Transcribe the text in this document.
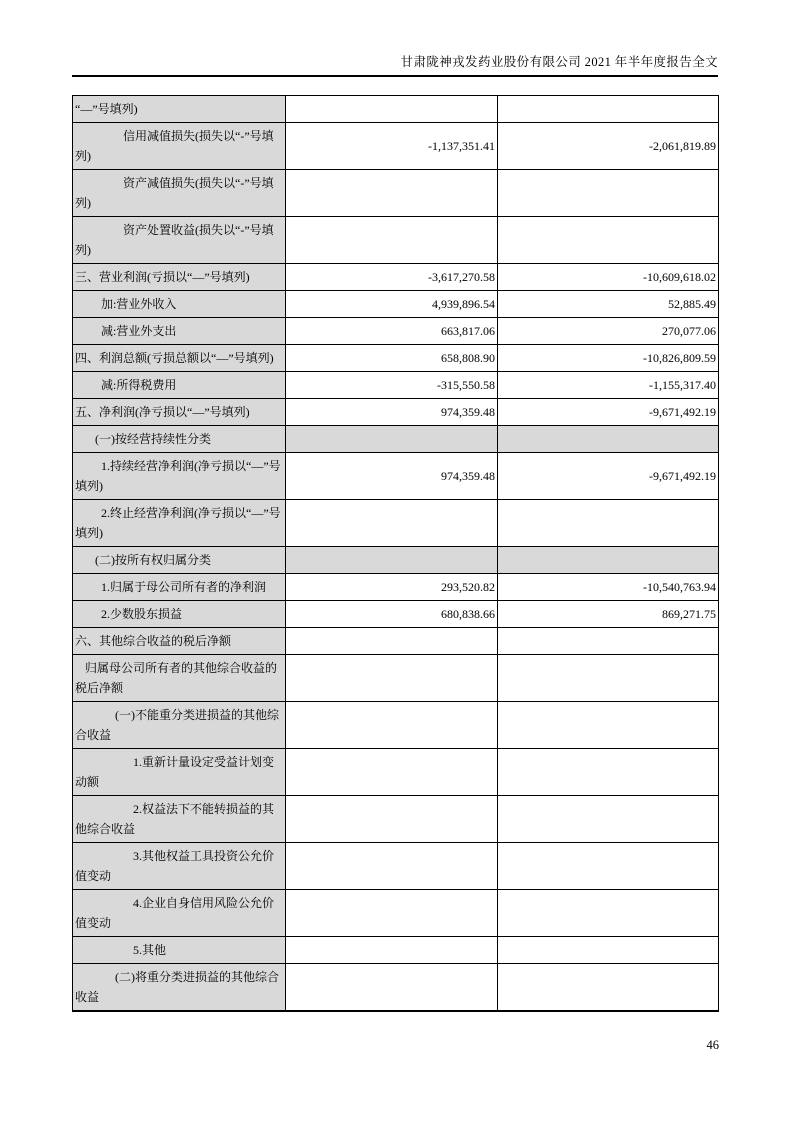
甘肃陇神戎发药业股份有限公司 2021 年半年度报告全文
“—”号填列)		
信用减值损失(损失以“-”号填列)	-1,137,351.41	-2,061,819.89
资产减值损失(损失以“-”号填列)		
资产处置收益(损失以“-”号填列)		
三、营业利润(亏损以“—”号填列)	-3,617,270.58	-10,609,618.02
加:营业外收入	4,939,896.54	52,885.49
减:营业外支出	663,817.06	270,077.06
四、利润总额(亏损总额以“—”号填列)	658,808.90	-10,826,809.59
减:所得税费用	-315,550.58	-1,155,317.40
五、净利润(净亏损以“—”号填列)	974,359.48	-9,671,492.19
(一)按经营持续性分类		
1.持续经营净利润(净亏损以“—”号填列)	974,359.48	-9,671,492.19
2.终止经营净利润(净亏损以“—”号填列)		
(二)按所有权归属分类		
1.归属于母公司所有者的净利润	293,520.82	-10,540,763.94
2.少数股东损益	680,838.66	869,271.75
六、其他综合收益的税后净额		
归属母公司所有者的其他综合收益的税后净额		
(一)不能重分类进损益的其他综合收益		
1.重新计量设定受益计划变动额		
2.权益法下不能转损益的其他综合收益		
3.其他权益工具投资公允价值变动		
4.企业自身信用风险公允价值变动		
5.其他		
(二)将重分类进损益的其他综合收益		
46
